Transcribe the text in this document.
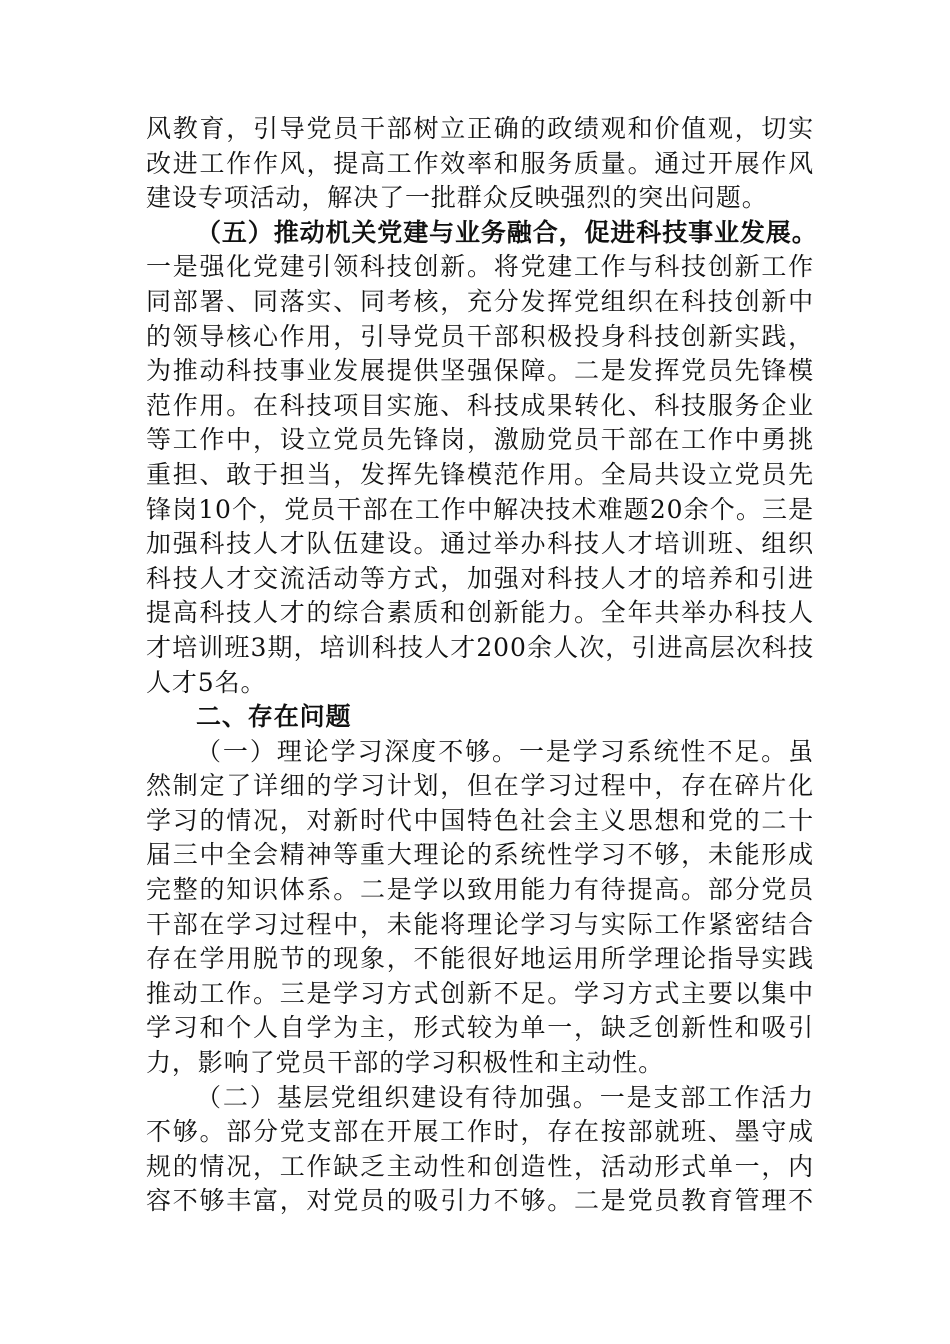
风教育，引导党员干部树立正确的政绩观和价值观，切实
改进工作作风，提高工作效率和服务质量。通过开展作风
建设专项活动，解决了一批群众反映强烈的突出问题。
（五）推动机关党建与业务融合，促进科技事业发展。
一是强化党建引领科技创新。将党建工作与科技创新工作
同部署、同落实、同考核，充分发挥党组织在科技创新中
的领导核心作用，引导党员干部积极投身科技创新实践，
为推动科技事业发展提供坚强保障。二是发挥党员先锋模
范作用。在科技项目实施、科技成果转化、科技服务企业
等工作中，设立党员先锋岗，激励党员干部在工作中勇挑
重担、敢于担当，发挥先锋模范作用。全局共设立党员先
锋岗10个，党员干部在工作中解决技术难题20余个。三是
加强科技人才队伍建设。通过举办科技人才培训班、组织
科技人才交流活动等方式，加强对科技人才的培养和引进
提高科技人才的综合素质和创新能力。全年共举办科技人
才培训班3期，培训科技人才200余人次，引进高层次科技
人才5名。
二、存在问题
（一）理论学习深度不够。一是学习系统性不足。虽
然制定了详细的学习计划，但在学习过程中，存在碎片化
学习的情况，对新时代中国特色社会主义思想和党的二十
届三中全会精神等重大理论的系统性学习不够，未能形成
完整的知识体系。二是学以致用能力有待提高。部分党员
干部在学习过程中，未能将理论学习与实际工作紧密结合
存在学用脱节的现象，不能很好地运用所学理论指导实践
推动工作。三是学习方式创新不足。学习方式主要以集中
学习和个人自学为主，形式较为单一，缺乏创新性和吸引
力，影响了党员干部的学习积极性和主动性。
（二）基层党组织建设有待加强。一是支部工作活力
不够。部分党支部在开展工作时，存在按部就班、墨守成
规的情况，工作缺乏主动性和创造性，活动形式单一，内
容不够丰富，对党员的吸引力不够。二是党员教育管理不
